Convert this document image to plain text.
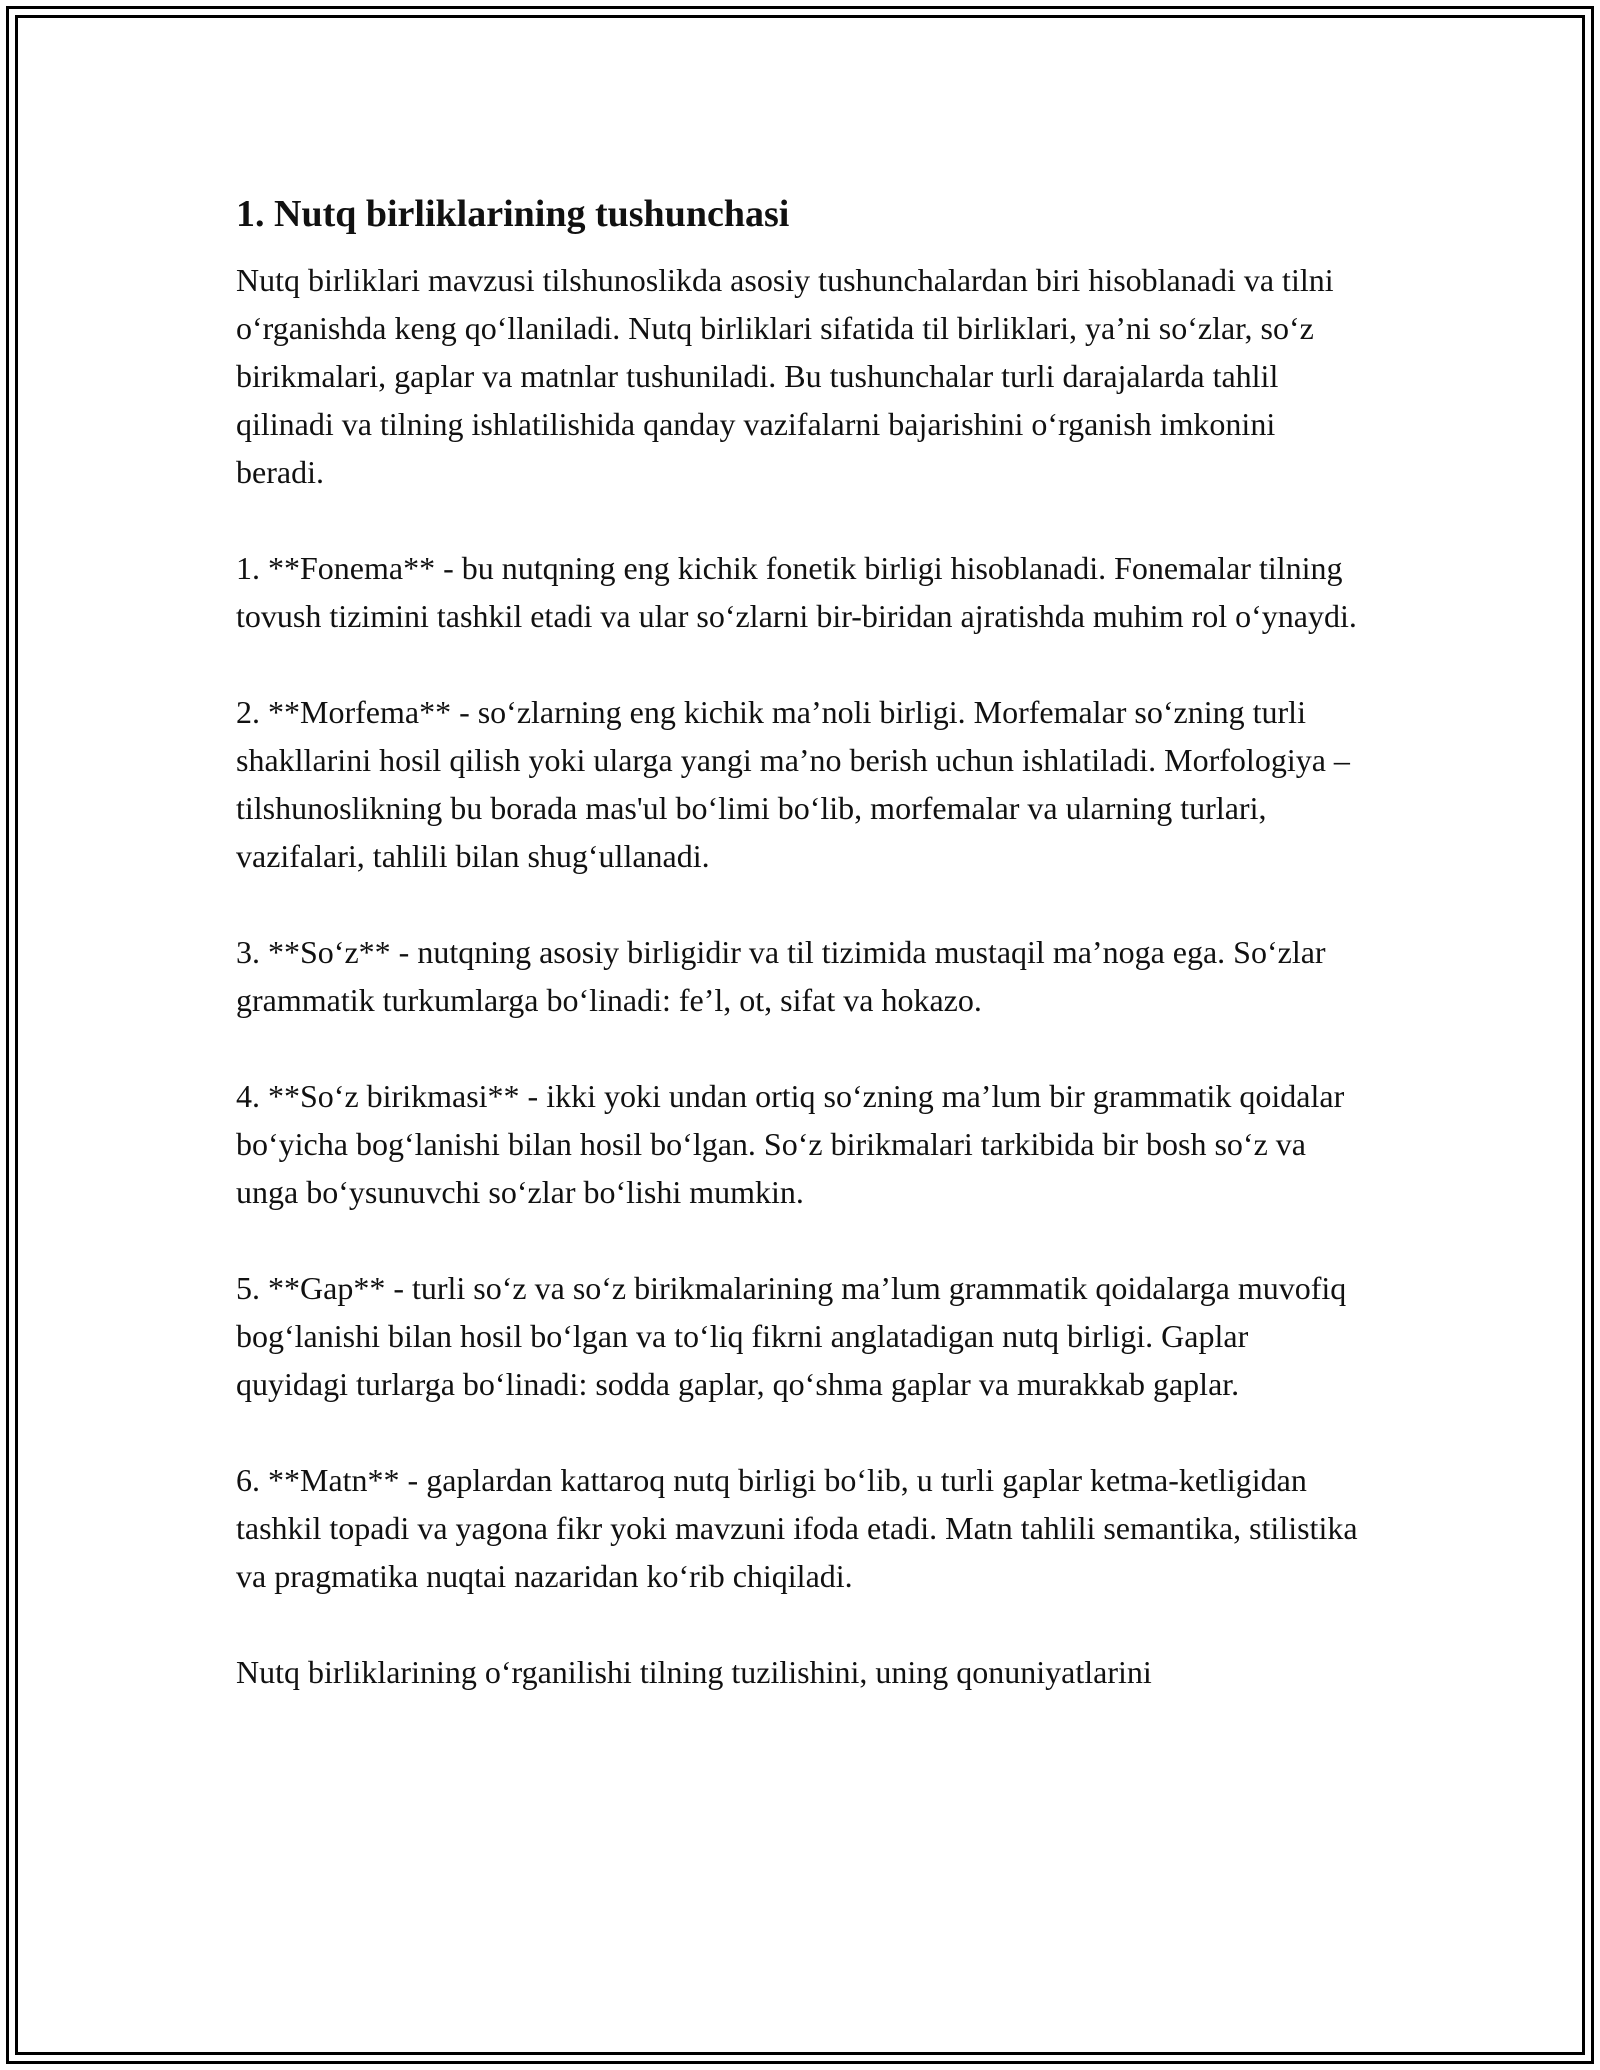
1. Nutq birliklarining tushunchasi

Nutq birliklari mavzusi tilshunoslikda asosiy tushunchalardan biri hisoblanadi va tilni o‘rganishda keng qo‘llaniladi. Nutq birliklari sifatida til birliklari, ya’ni so‘zlar, so‘z birikmalari, gaplar va matnlar tushuniladi. Bu tushunchalar turli darajalarda tahlil qilinadi va tilning ishlatilishida qanday vazifalarni bajarishini o‘rganish imkonini beradi.

1. **Fonema** - bu nutqning eng kichik fonetik birligi hisoblanadi. Fonemalar tilning tovush tizimini tashkil etadi va ular so‘zlarni bir-biridan ajratishda muhim rol o‘ynaydi.

2. **Morfema** - so‘zlarning eng kichik ma’noli birligi. Morfemalar so‘zning turli shakllarini hosil qilish yoki ularga yangi ma’no berish uchun ishlatiladi. Morfologiya – tilshunoslikning bu borada mas'ul bo‘limi bo‘lib, morfemalar va ularning turlari, vazifalari, tahlili bilan shug‘ullanadi.

3. **So‘z** - nutqning asosiy birligidir va til tizimida mustaqil ma’noga ega. So‘zlar grammatik turkumlarga bo‘linadi: fe’l, ot, sifat va hokazo.

4. **So‘z birikmasi** - ikki yoki undan ortiq so‘zning ma’lum bir grammatik qoidalar bo‘yicha bog‘lanishi bilan hosil bo‘lgan. So‘z birikmalari tarkibida bir bosh so‘z va unga bo‘ysunuvchi so‘zlar bo‘lishi mumkin.

5. **Gap** - turli so‘z va so‘z birikmalarining ma’lum grammatik qoidalarga muvofiq bog‘lanishi bilan hosil bo‘lgan va to‘liq fikrni anglatadigan nutq birligi. Gaplar quyidagi turlarga bo‘linadi: sodda gaplar, qo‘shma gaplar va murakkab gaplar.

6. **Matn** - gaplardan kattaroq nutq birligi bo‘lib, u turli gaplar ketma-ketligidan tashkil topadi va yagona fikr yoki mavzuni ifoda etadi. Matn tahlili semantika, stilistika va pragmatika nuqtai nazaridan ko‘rib chiqiladi.

Nutq birliklarining o‘rganilishi tilning tuzilishini, uning qonuniyatlarini
